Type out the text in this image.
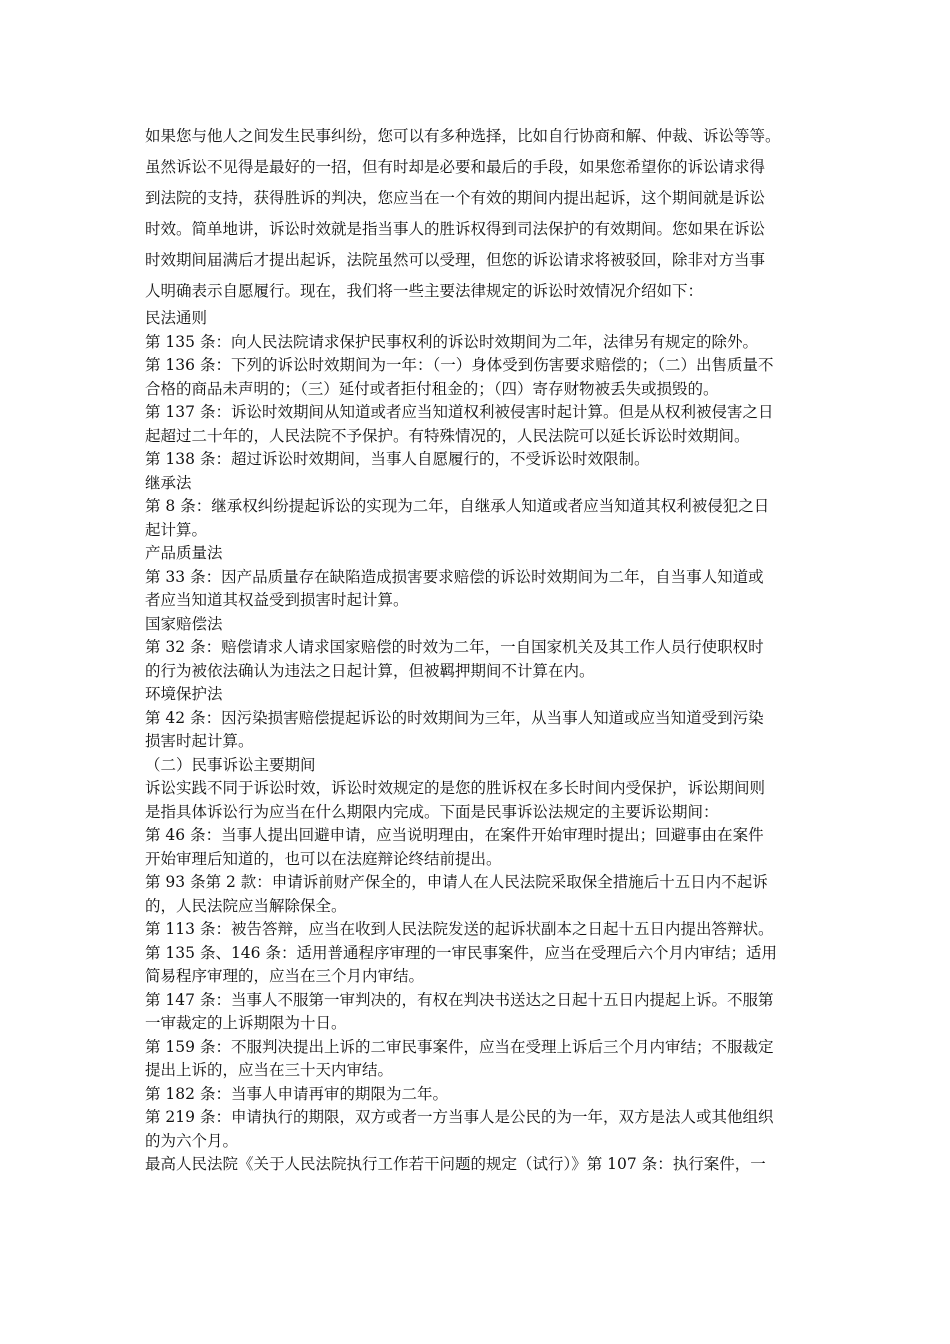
如果您与他人之间发生民事纠纷，您可以有多种选择，比如自行协商和解、仲裁、诉讼等等。
虽然诉讼不见得是最好的一招，但有时却是必要和最后的手段，如果您希望你的诉讼请求得
到法院的支持，获得胜诉的判决，您应当在一个有效的期间内提出起诉，这个期间就是诉讼
时效。简单地讲，诉讼时效就是指当事人的胜诉权得到司法保护的有效期间。您如果在诉讼
时效期间届满后才提出起诉，法院虽然可以受理，但您的诉讼请求将被驳回，除非对方当事
人明确表示自愿履行。现在，我们将一些主要法律规定的诉讼时效情况介绍如下：
民法通则
第 135 条：向人民法院请求保护民事权利的诉讼时效期间为二年，法律另有规定的除外。
第 136 条：下列的诉讼时效期间为一年：（一）身体受到伤害要求赔偿的；（二）出售质量不
合格的商品未声明的；（三）延付或者拒付租金的；（四）寄存财物被丢失或损毁的。
第 137 条：诉讼时效期间从知道或者应当知道权利被侵害时起计算。但是从权利被侵害之日
起超过二十年的，人民法院不予保护。有特殊情况的，人民法院可以延长诉讼时效期间。
第 138 条：超过诉讼时效期间，当事人自愿履行的，不受诉讼时效限制。
继承法
第 8 条：继承权纠纷提起诉讼的实现为二年，自继承人知道或者应当知道其权利被侵犯之日
起计算。
产品质量法
第 33 条：因产品质量存在缺陷造成损害要求赔偿的诉讼时效期间为二年，自当事人知道或
者应当知道其权益受到损害时起计算。
国家赔偿法
第 32 条：赔偿请求人请求国家赔偿的时效为二年，一自国家机关及其工作人员行使职权时
的行为被依法确认为违法之日起计算，但被羁押期间不计算在内。
环境保护法
第 42 条：因污染损害赔偿提起诉讼的时效期间为三年，从当事人知道或应当知道受到污染
损害时起计算。
（二）民事诉讼主要期间
诉讼实践不同于诉讼时效，诉讼时效规定的是您的胜诉权在多长时间内受保护，诉讼期间则
是指具体诉讼行为应当在什么期限内完成。下面是民事诉讼法规定的主要诉讼期间：
第 46 条：当事人提出回避申请，应当说明理由，在案件开始审理时提出；回避事由在案件
开始审理后知道的，也可以在法庭辩论终结前提出。
第 93 条第 2 款：申请诉前财产保全的，申请人在人民法院采取保全措施后十五日内不起诉
的，人民法院应当解除保全。
第 113 条：被告答辩，应当在收到人民法院发送的起诉状副本之日起十五日内提出答辩状。
第 135 条、146 条：适用普通程序审理的一审民事案件，应当在受理后六个月内审结；适用
简易程序审理的，应当在三个月内审结。
第 147 条：当事人不服第一审判决的，有权在判决书送达之日起十五日内提起上诉。不服第
一审裁定的上诉期限为十日。
第 159 条：不服判决提出上诉的二审民事案件，应当在受理上诉后三个月内审结；不服裁定
提出上诉的，应当在三十天内审结。
第 182 条：当事人申请再审的期限为二年。
第 219 条：申请执行的期限，双方或者一方当事人是公民的为一年，双方是法人或其他组织
的为六个月。
最高人民法院《关于人民法院执行工作若干问题的规定（试行）》第 107 条：执行案件，一
